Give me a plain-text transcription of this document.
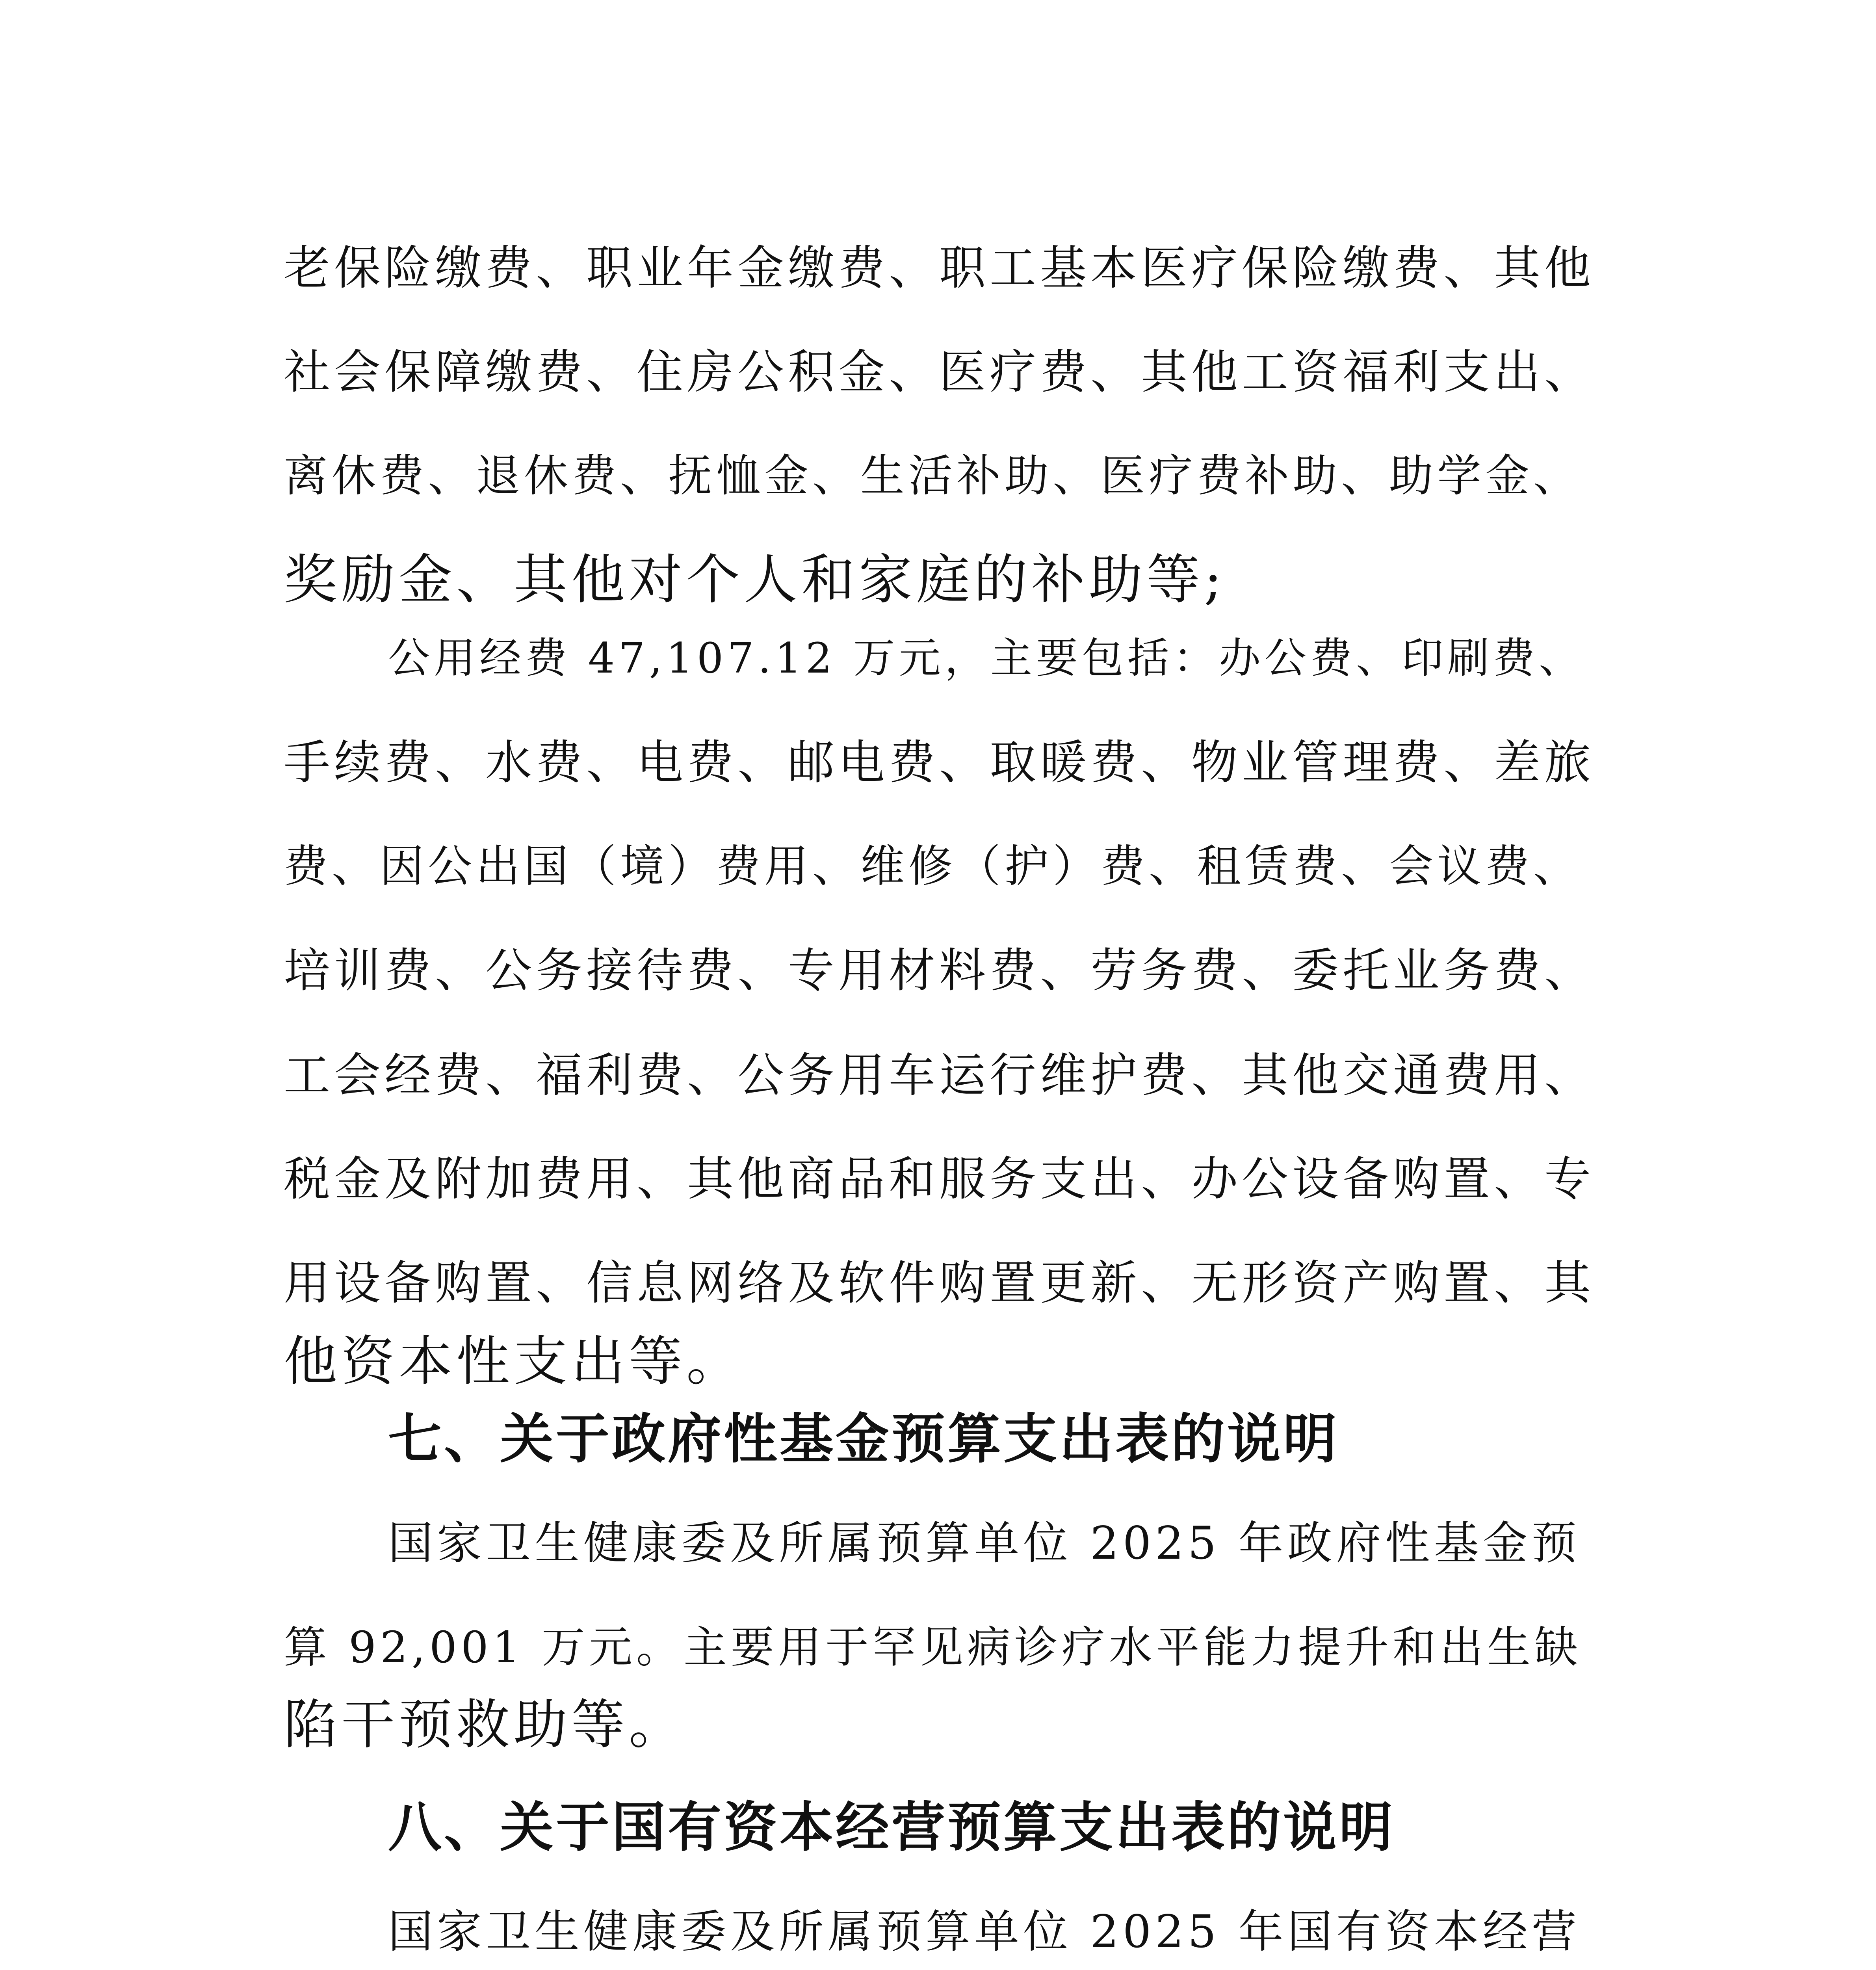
老保险缴费、职业年金缴费、职工基本医疗保险缴费、其他
社会保障缴费、住房公积金、医疗费、其他工资福利支出、
离休费、退休费、抚恤金、生活补助、医疗费补助、助学金、
奖励金、其他对个人和家庭的补助等;
公用经费 47,107.12 万元，主要包括：办公费、印刷费、
手续费、水费、电费、邮电费、取暖费、物业管理费、差旅
费、因公出国（境）费用、维修（护）费、租赁费、会议费、
培训费、公务接待费、专用材料费、劳务费、委托业务费、
工会经费、福利费、公务用车运行维护费、其他交通费用、
税金及附加费用、其他商品和服务支出、办公设备购置、专
用设备购置、信息网络及软件购置更新、无形资产购置、其
他资本性支出等。
七、关于政府性基金预算支出表的说明
国家卫生健康委及所属预算单位 2025 年政府性基金预
算 92,001 万元。主要用于罕见病诊疗水平能力提升和出生缺
陷干预救助等。
八、关于国有资本经营预算支出表的说明
国家卫生健康委及所属预算单位 2025 年国有资本经营
